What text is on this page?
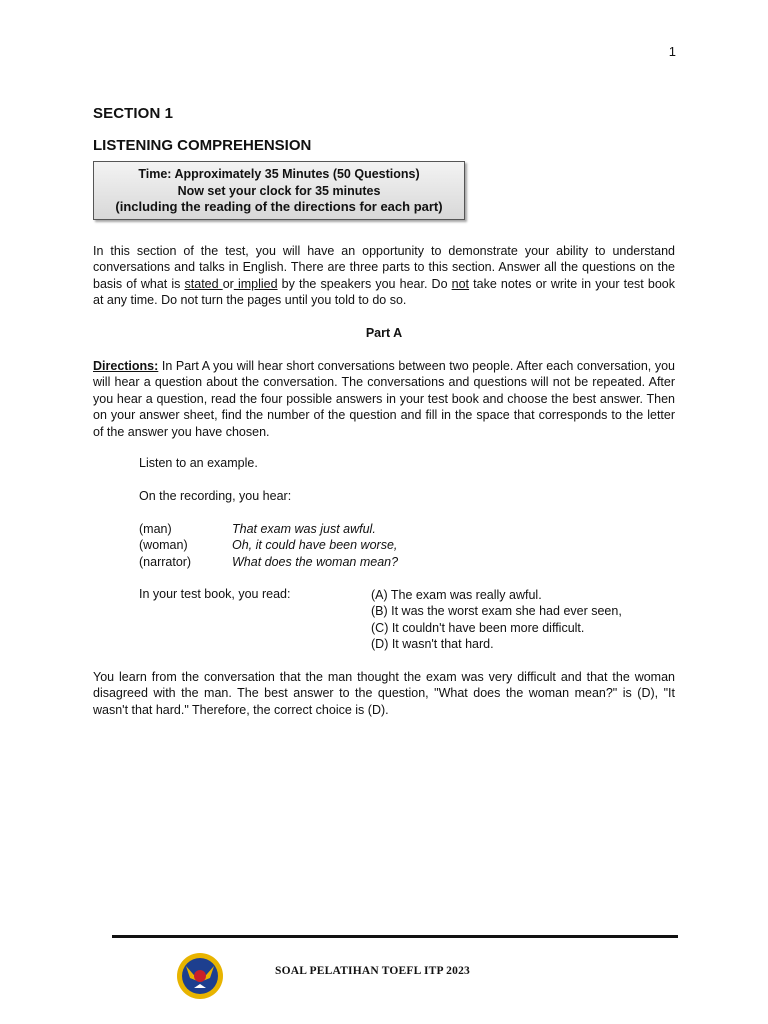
1
SECTION 1
LISTENING COMPREHENSION
Time: Approximately 35 Minutes (50 Questions)
Now set your clock for 35 minutes
(including the reading of the directions for each part)

In this section of the test, you will have an opportunity to demonstrate your ability to understand conversations and talks in English. There are three parts to this section. Answer all the questions on the basis of what is stated or implied by the speakers you hear. Do not take notes or write in your test book at any time. Do not turn the pages until you told to do so.

Part A

Directions: In Part A you will hear short conversations between two people. After each conversation, you will hear a question about the conversation. The conversations and questions will not be repeated. After you hear a question, read the four possible answers in your test book and choose the best answer. Then on your answer sheet, find the number of the question and fill in the space that corresponds to the letter of the answer you have chosen.

Listen to an example.
On the recording, you hear:
(man)	That exam was just awful.
(woman)	Oh, it could have been worse,
(narrator)	What does the woman mean?
In your test book, you read:	(A) The exam was really awful.
(B) It was the worst exam she had ever seen,
(C) It couldn't have been more difficult.
(D) It wasn't that hard.

You learn from the conversation that the man thought the exam was very difficult and that the woman disagreed with the man. The best answer to the question, "What does the woman mean?" is (D), "It wasn't that hard." Therefore, the correct choice is (D).

SOAL PELATIHAN TOEFL ITP 2023
